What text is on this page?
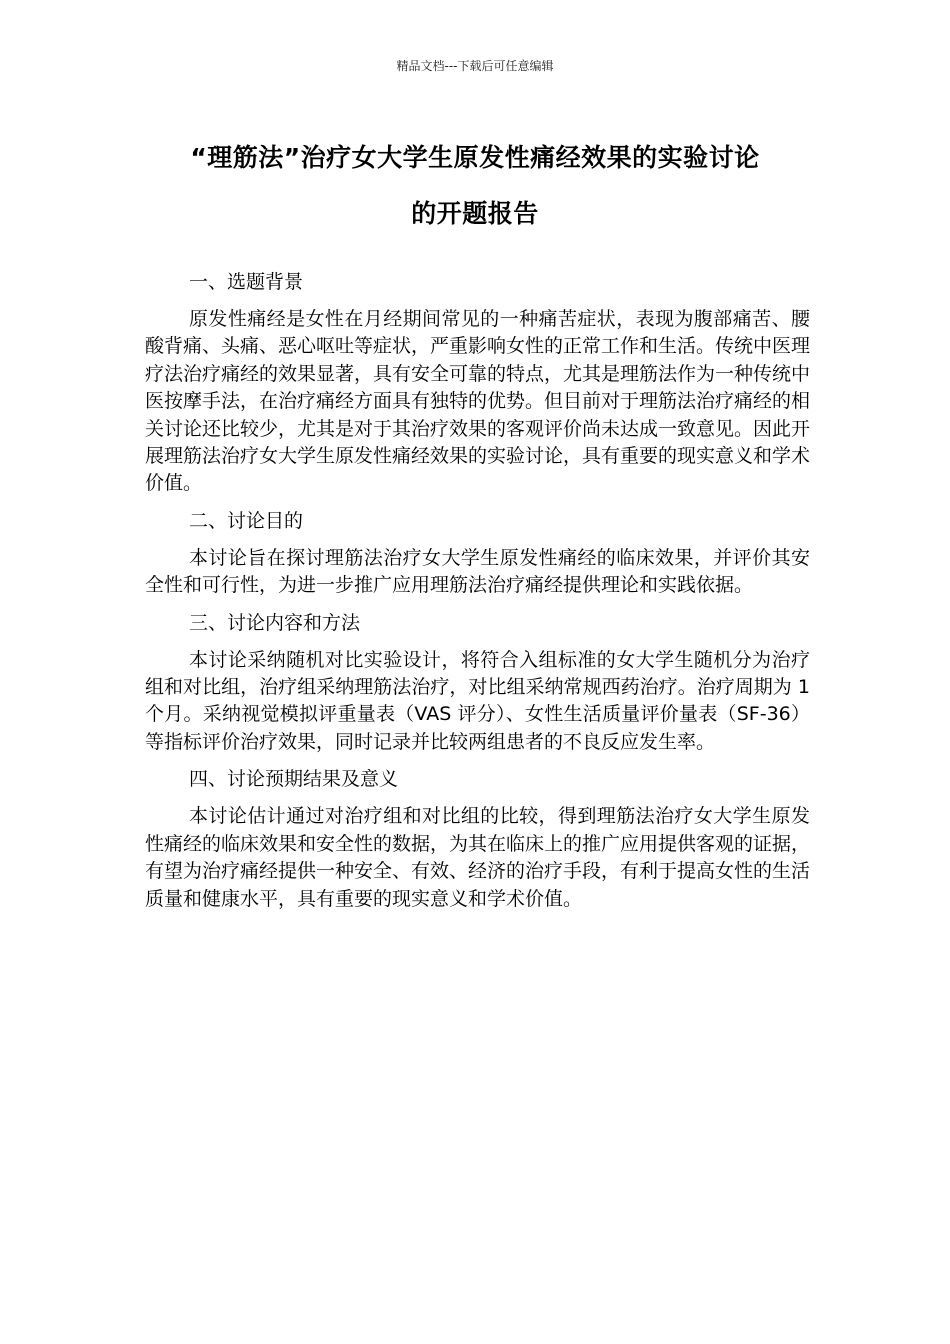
精品文档---下载后可任意编辑
“理筋法”治疗女大学生原发性痛经效果的实验讨论
的开题报告
一、选题背景
原发性痛经是女性在月经期间常见的一种痛苦症状，表现为腹部痛苦、腰酸背痛、头痛、恶心呕吐等症状，严重影响女性的正常工作和生活。传统中医理疗法治疗痛经的效果显著，具有安全可靠的特点，尤其是理筋法作为一种传统中医按摩手法，在治疗痛经方面具有独特的优势。但目前对于理筋法治疗痛经的相关讨论还比较少，尤其是对于其治疗效果的客观评价尚未达成一致意见。因此开展理筋法治疗女大学生原发性痛经效果的实验讨论，具有重要的现实意义和学术价值。
二、讨论目的
本讨论旨在探讨理筋法治疗女大学生原发性痛经的临床效果，并评价其安全性和可行性，为进一步推广应用理筋法治疗痛经提供理论和实践依据。
三、讨论内容和方法
本讨论采纳随机对比实验设计，将符合入组标准的女大学生随机分为治疗组和对比组，治疗组采纳理筋法治疗，对比组采纳常规西药治疗。治疗周期为 1 个月。采纳视觉模拟评重量表（VAS 评分）、女性生活质量评价量表（SF-36）等指标评价治疗效果，同时记录并比较两组患者的不良反应发生率。
四、讨论预期结果及意义
本讨论估计通过对治疗组和对比组的比较，得到理筋法治疗女大学生原发性痛经的临床效果和安全性的数据，为其在临床上的推广应用提供客观的证据，有望为治疗痛经提供一种安全、有效、经济的治疗手段，有利于提高女性的生活质量和健康水平，具有重要的现实意义和学术价值。
